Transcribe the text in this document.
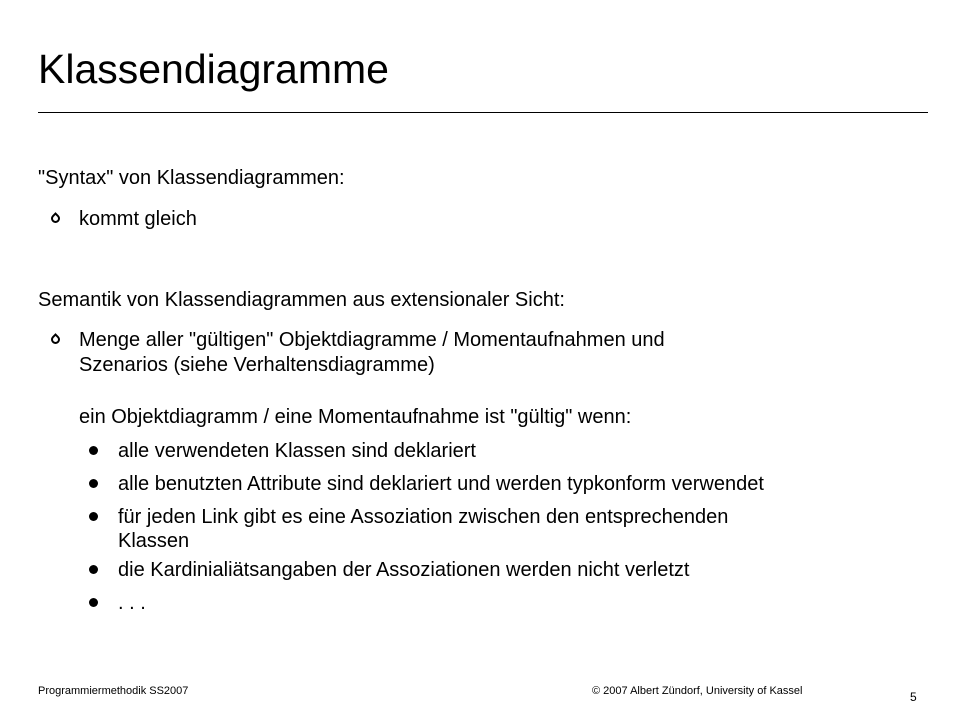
Klassendiagramme
"Syntax" von Klassendiagrammen:
kommt gleich
Semantik von Klassendiagrammen aus extensionaler Sicht:
Menge aller "gültigen" Objektdiagramme / Momentaufnahmen und
Szenarios (siehe Verhaltensdiagramme)
ein Objektdiagramm / eine Momentaufnahme ist "gültig" wenn:
alle verwendeten Klassen sind deklariert
alle benutzten Attribute sind deklariert und werden typkonform verwendet
für jeden Link gibt es eine Assoziation zwischen den entsprechenden
Klassen
die Kardinialiätsangaben der Assoziationen werden nicht verletzt
. . .
Programmiermethodik SS2007	© 2007 Albert Zündorf, University of Kassel	5
